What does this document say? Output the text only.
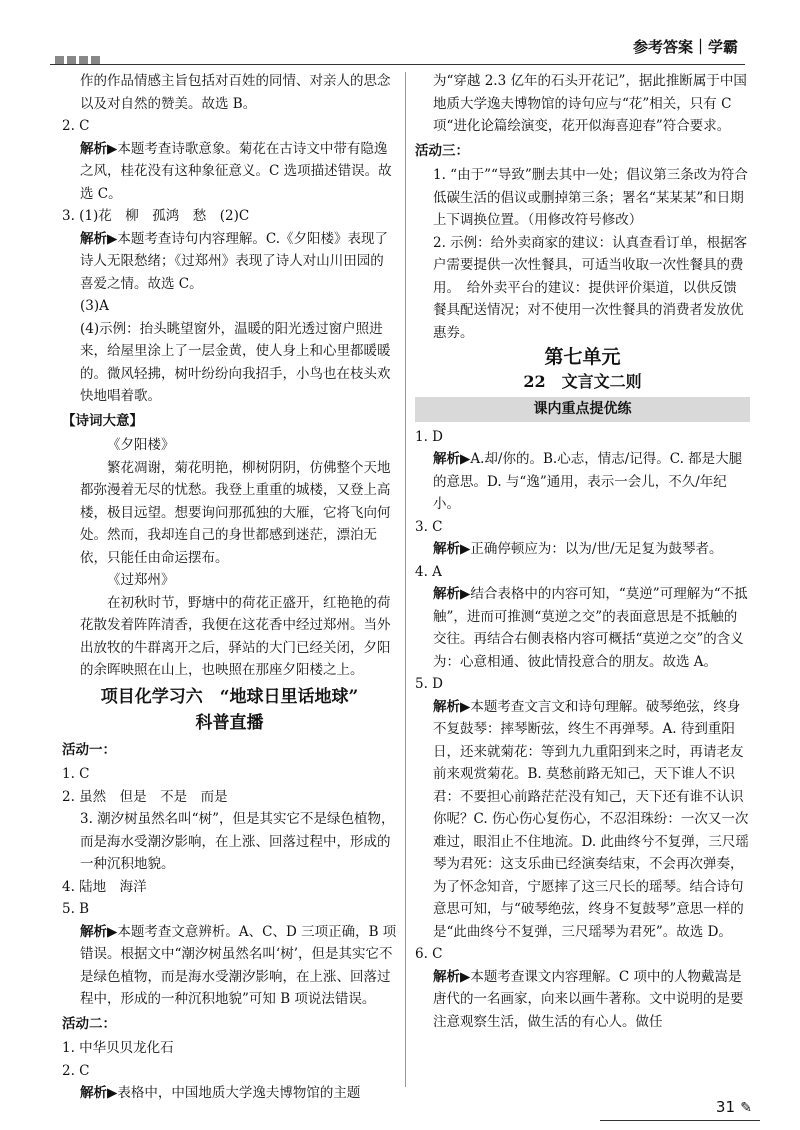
参考答案｜学霸
作的作品情感主旨包括对百姓的同情、对亲人的思念以及对自然的赞美。故选 B。
2. C
解析▶本题考查诗歌意象。菊花在古诗文中带有隐逸之风，桂花没有这种象征意义。C 选项描述错误。故选 C。
3. (1)花　柳　孤鸿　愁　(2)C
解析▶本题考查诗句内容理解。C.《夕阳楼》表现了诗人无限愁绪；《过郑州》表现了诗人对山川田园的喜爱之情。故选 C。
(3)A
(4)示例：抬头眺望窗外，温暖的阳光透过窗户照进来，给屋里涂上了一层金黄，使人身上和心里都暖暖的。微风轻拂，树叶纷纷向我招手，小鸟也在枝头欢快地唱着歌。
【诗词大意】
《夕阳楼》
繁花凋谢，菊花明艳，柳树阴阴，仿佛整个天地都弥漫着无尽的忧愁。我登上重重的城楼，又登上高楼，极目远望。想要询问那孤独的大雁，它将飞向何处。然而，我却连自己的身世都感到迷茫，漂泊无依，只能任由命运摆布。
《过郑州》
在初秋时节，野塘中的荷花正盛开，红艳艳的荷花散发着阵阵清香，我便在这花香中经过郑州。当外出放牧的牛群离开之后，驿站的大门已经关闭，夕阳的余晖映照在山上，也映照在那座夕阳楼之上。
项目化学习六　“地球日里话地球”
科普直播
活动一：
1. C
2. 虽然　但是　不是　而是
3. 潮汐树虽然名叫“树”，但是其实它不是绿色植物，而是海水受潮汐影响，在上涨、回落过程中，形成的一种沉积地貌。
4. 陆地　海洋
5. B
解析▶本题考查文意辨析。A、C、D 三项正确，B 项错误。根据文中“潮汐树虽然名叫‘树’，但是其实它不是绿色植物，而是海水受潮汐影响，在上涨、回落过程中，形成的一种沉积地貌”可知 B 项说法错误。
活动二：
1. 中华贝贝龙化石
2. C
解析▶表格中，中国地质大学逸夫博物馆的主题
为“穿越 2.3 亿年的石头开花记”，据此推断属于中国地质大学逸夫博物馆的诗句应与“花”相关，只有 C 项“进化论篇绘演变，花开似海喜迎春”符合要求。
活动三：
1. “由于”“导致”删去其中一处；倡议第三条改为符合低碳生活的倡议或删掉第三条；署名“某某某”和日期上下调换位置。（用修改符号修改）
2. 示例：给外卖商家的建议：认真查看订单，根据客户需要提供一次性餐具，可适当收取一次性餐具的费用。　给外卖平台的建议：提供评价渠道，以供反馈餐具配送情况；对不使用一次性餐具的消费者发放优惠券。
第七单元
22　文言文二则
课内重点提优练
1. D
解析▶A.却/你的。B.心志，情志/记得。C. 都是大腿的意思。D. 与“逸”通用，表示一会儿，不久/年纪小。
3. C
解析▶正确停顿应为：以为/世/无足复为鼓琴者。
4. A
解析▶结合表格中的内容可知，“莫逆”可理解为“不抵触”，进而可推测“莫逆之交”的表面意思是不抵触的交往。再结合右侧表格内容可概括“莫逆之交”的含义为：心意相通、彼此情投意合的朋友。故选 A。
5. D
解析▶本题考查文言文和诗句理解。破琴绝弦，终身不复鼓琴：摔琴断弦，终生不再弹琴。A. 待到重阳日，还来就菊花：等到九九重阳到来之时，再请老友前来观赏菊花。B. 莫愁前路无知己，天下谁人不识君：不要担心前路茫茫没有知己，天下还有谁不认识你呢？C. 伤心伤心复伤心，不忍泪珠纷：一次又一次难过，眼泪止不住地流。D. 此曲终兮不复弹，三尺瑶琴为君死：这支乐曲已经演奏结束，不会再次弹奏，为了怀念知音，宁愿摔了这三尺长的瑶琴。结合诗句意思可知，与“破琴绝弦，终身不复鼓琴”意思一样的是“此曲终兮不复弹，三尺瑶琴为君死”。故选 D。
6. C
解析▶本题考查课文内容理解。C 项中的人物戴嵩是唐代的一名画家，向来以画牛著称。文中说明的是要注意观察生活，做生活的有心人。做任
31 ✎
